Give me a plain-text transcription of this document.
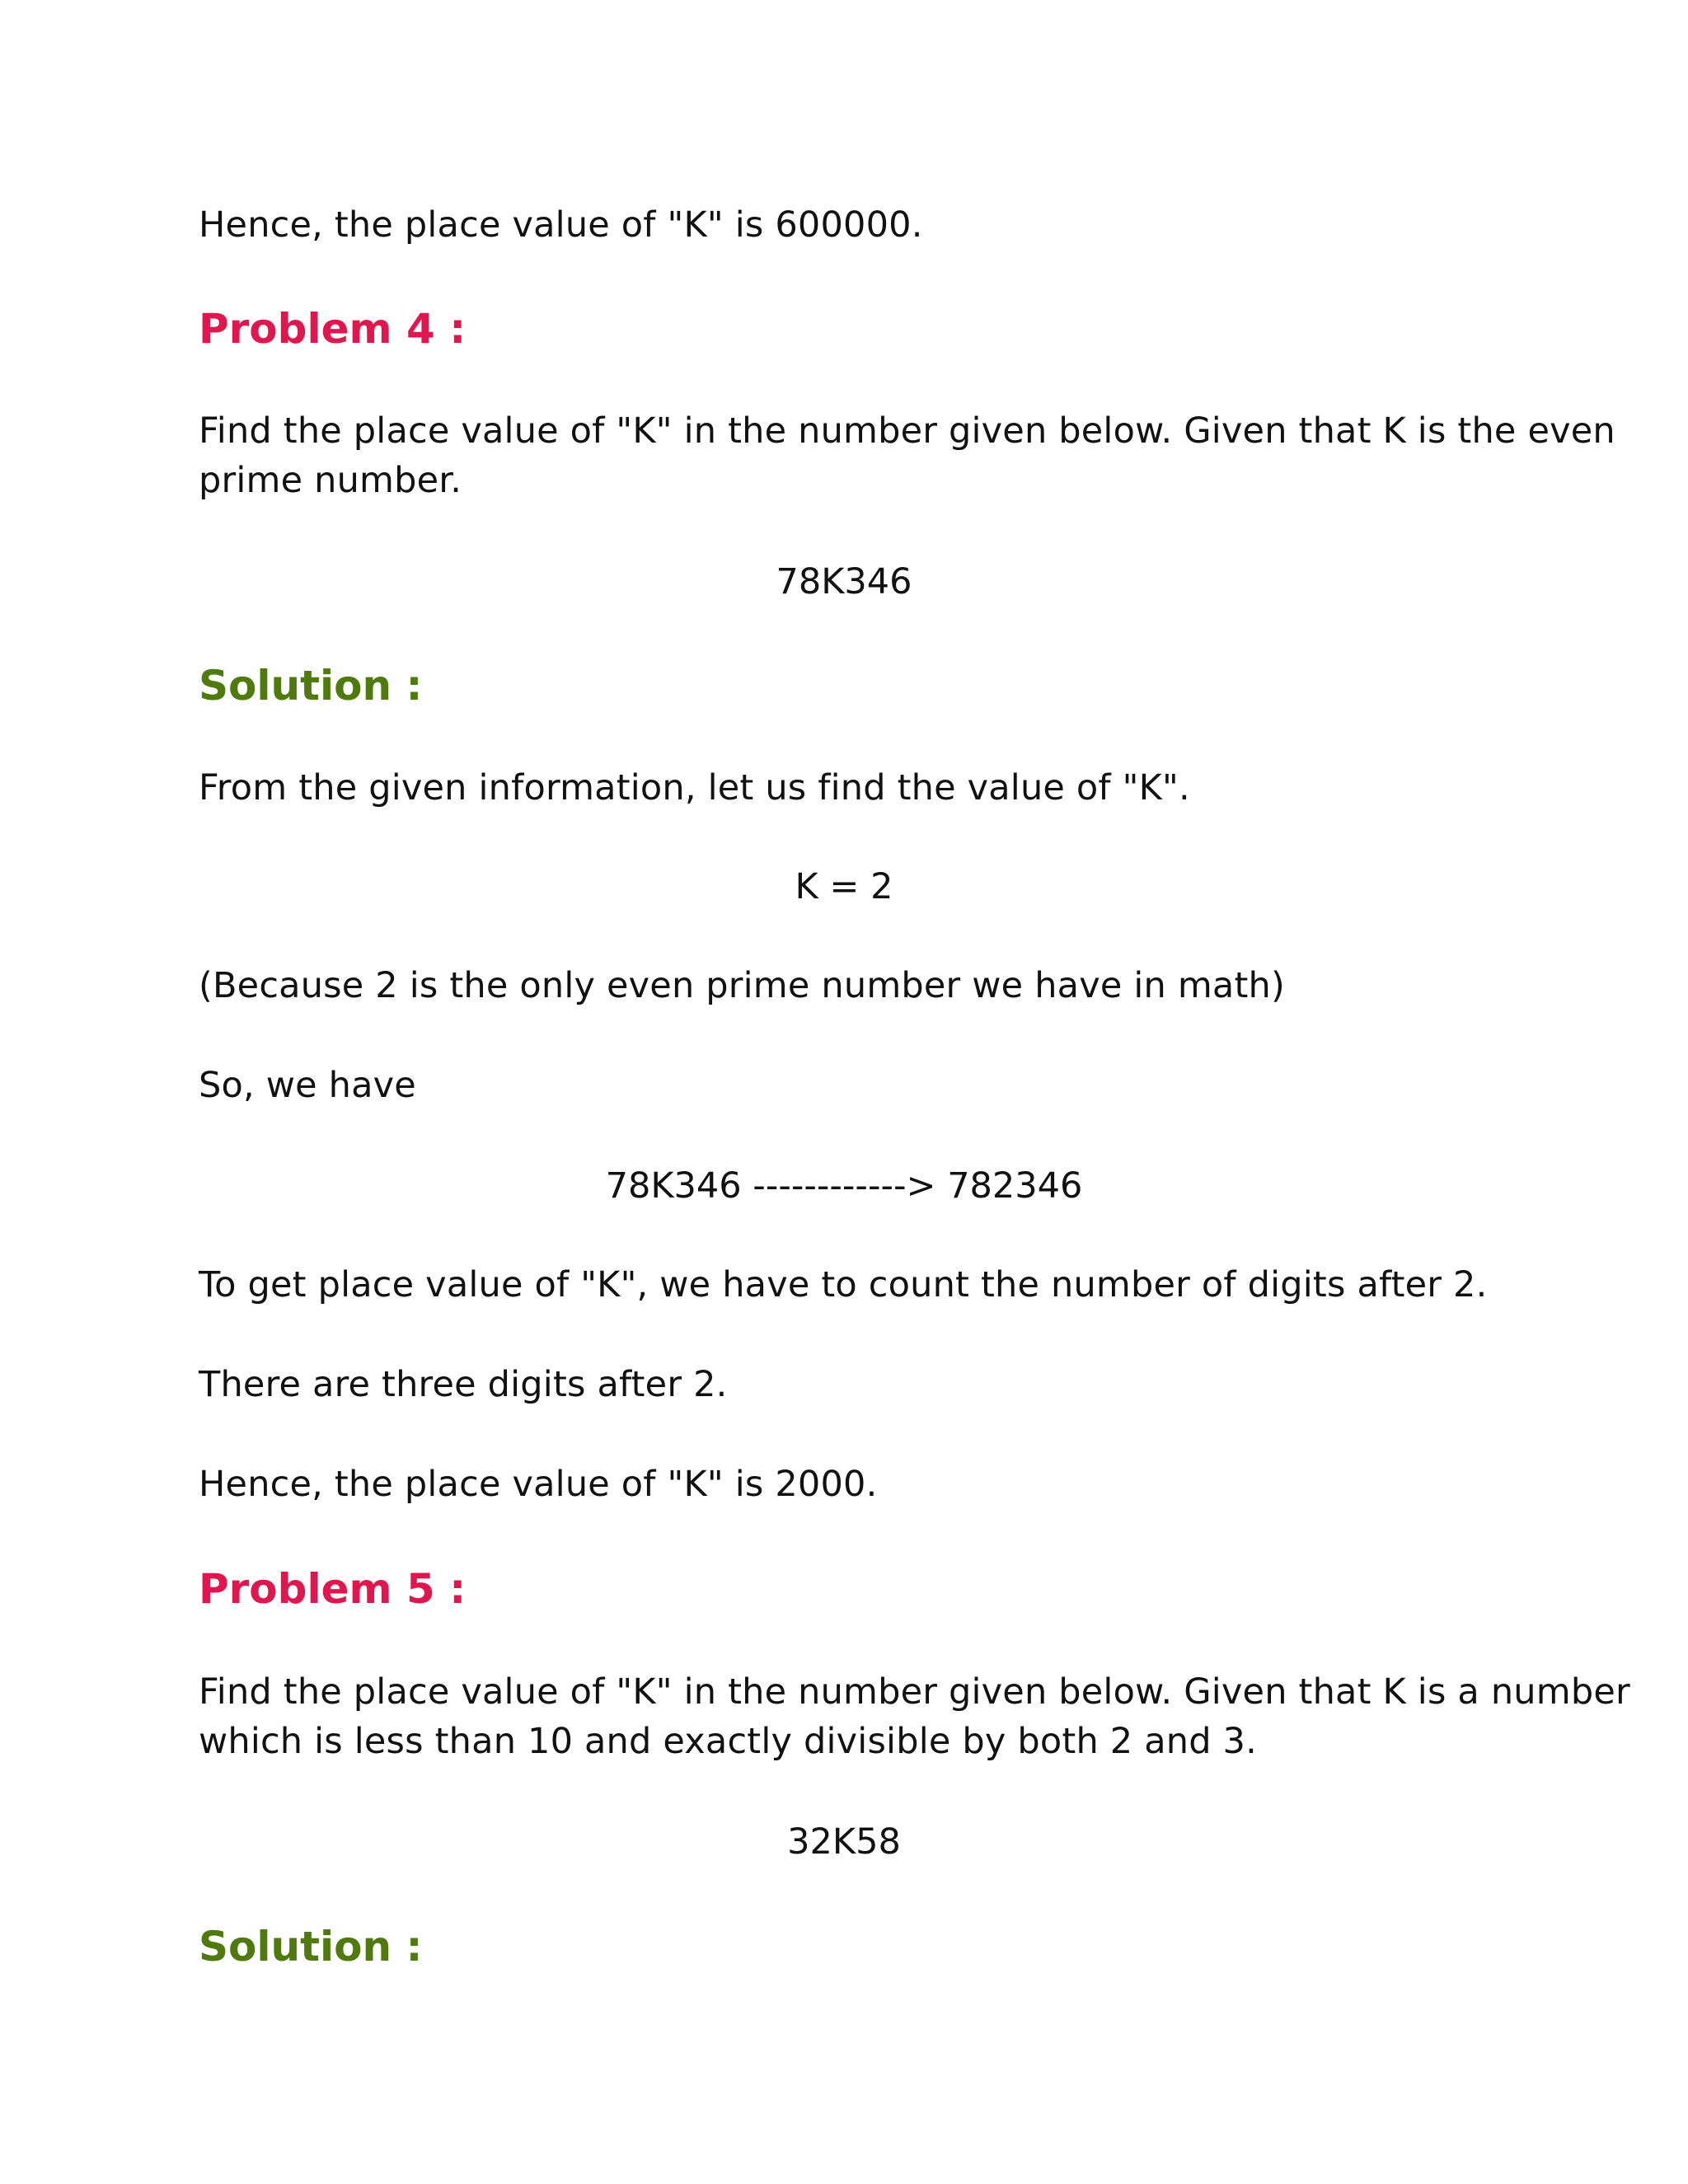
Hence, the place value of "K" is 600000.
Problem 4 :
Find the place value of "K" in the number given below. Given that K is the even
prime number.
78K346
Solution :
From the given information, let us find the value of "K".
K = 2
(Because 2 is the only even prime number we have in math)
So, we have
78K346 ------------> 782346
To get place value of "K", we have to count the number of digits after 2.
There are three digits after 2.
Hence, the place value of "K" is 2000.
Problem 5 :
Find the place value of "K" in the number given below. Given that K is a number
which is less than 10 and exactly divisible by both 2 and 3.
32K58
Solution :
